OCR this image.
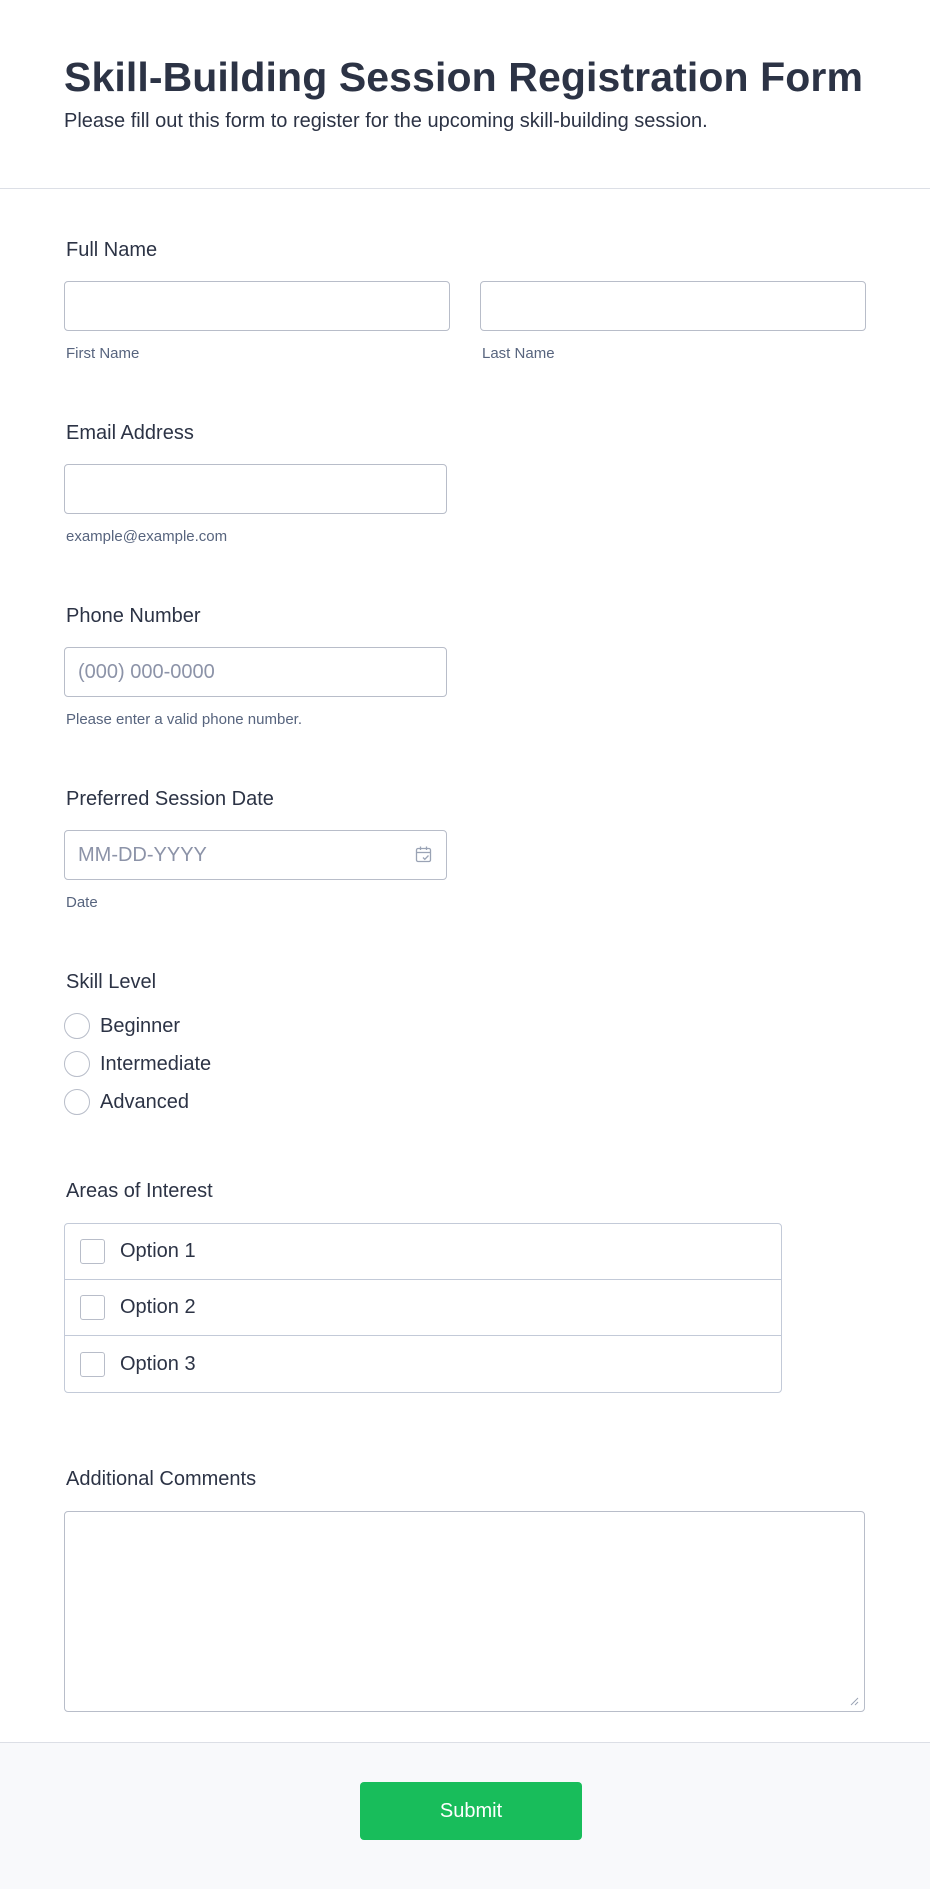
Skill-Building Session Registration Form

Please fill out this form to register for the upcoming skill-building session.

Full Name
First Name	Last Name
Email Address
example@example.com
Phone Number
(000) 000-0000
Please enter a valid phone number.
Preferred Session Date
MM-DD-YYYY
Date
Skill Level
Beginner
Intermediate
Advanced
Areas of Interest
Option 1
Option 2
Option 3
Additional Comments
Submit
